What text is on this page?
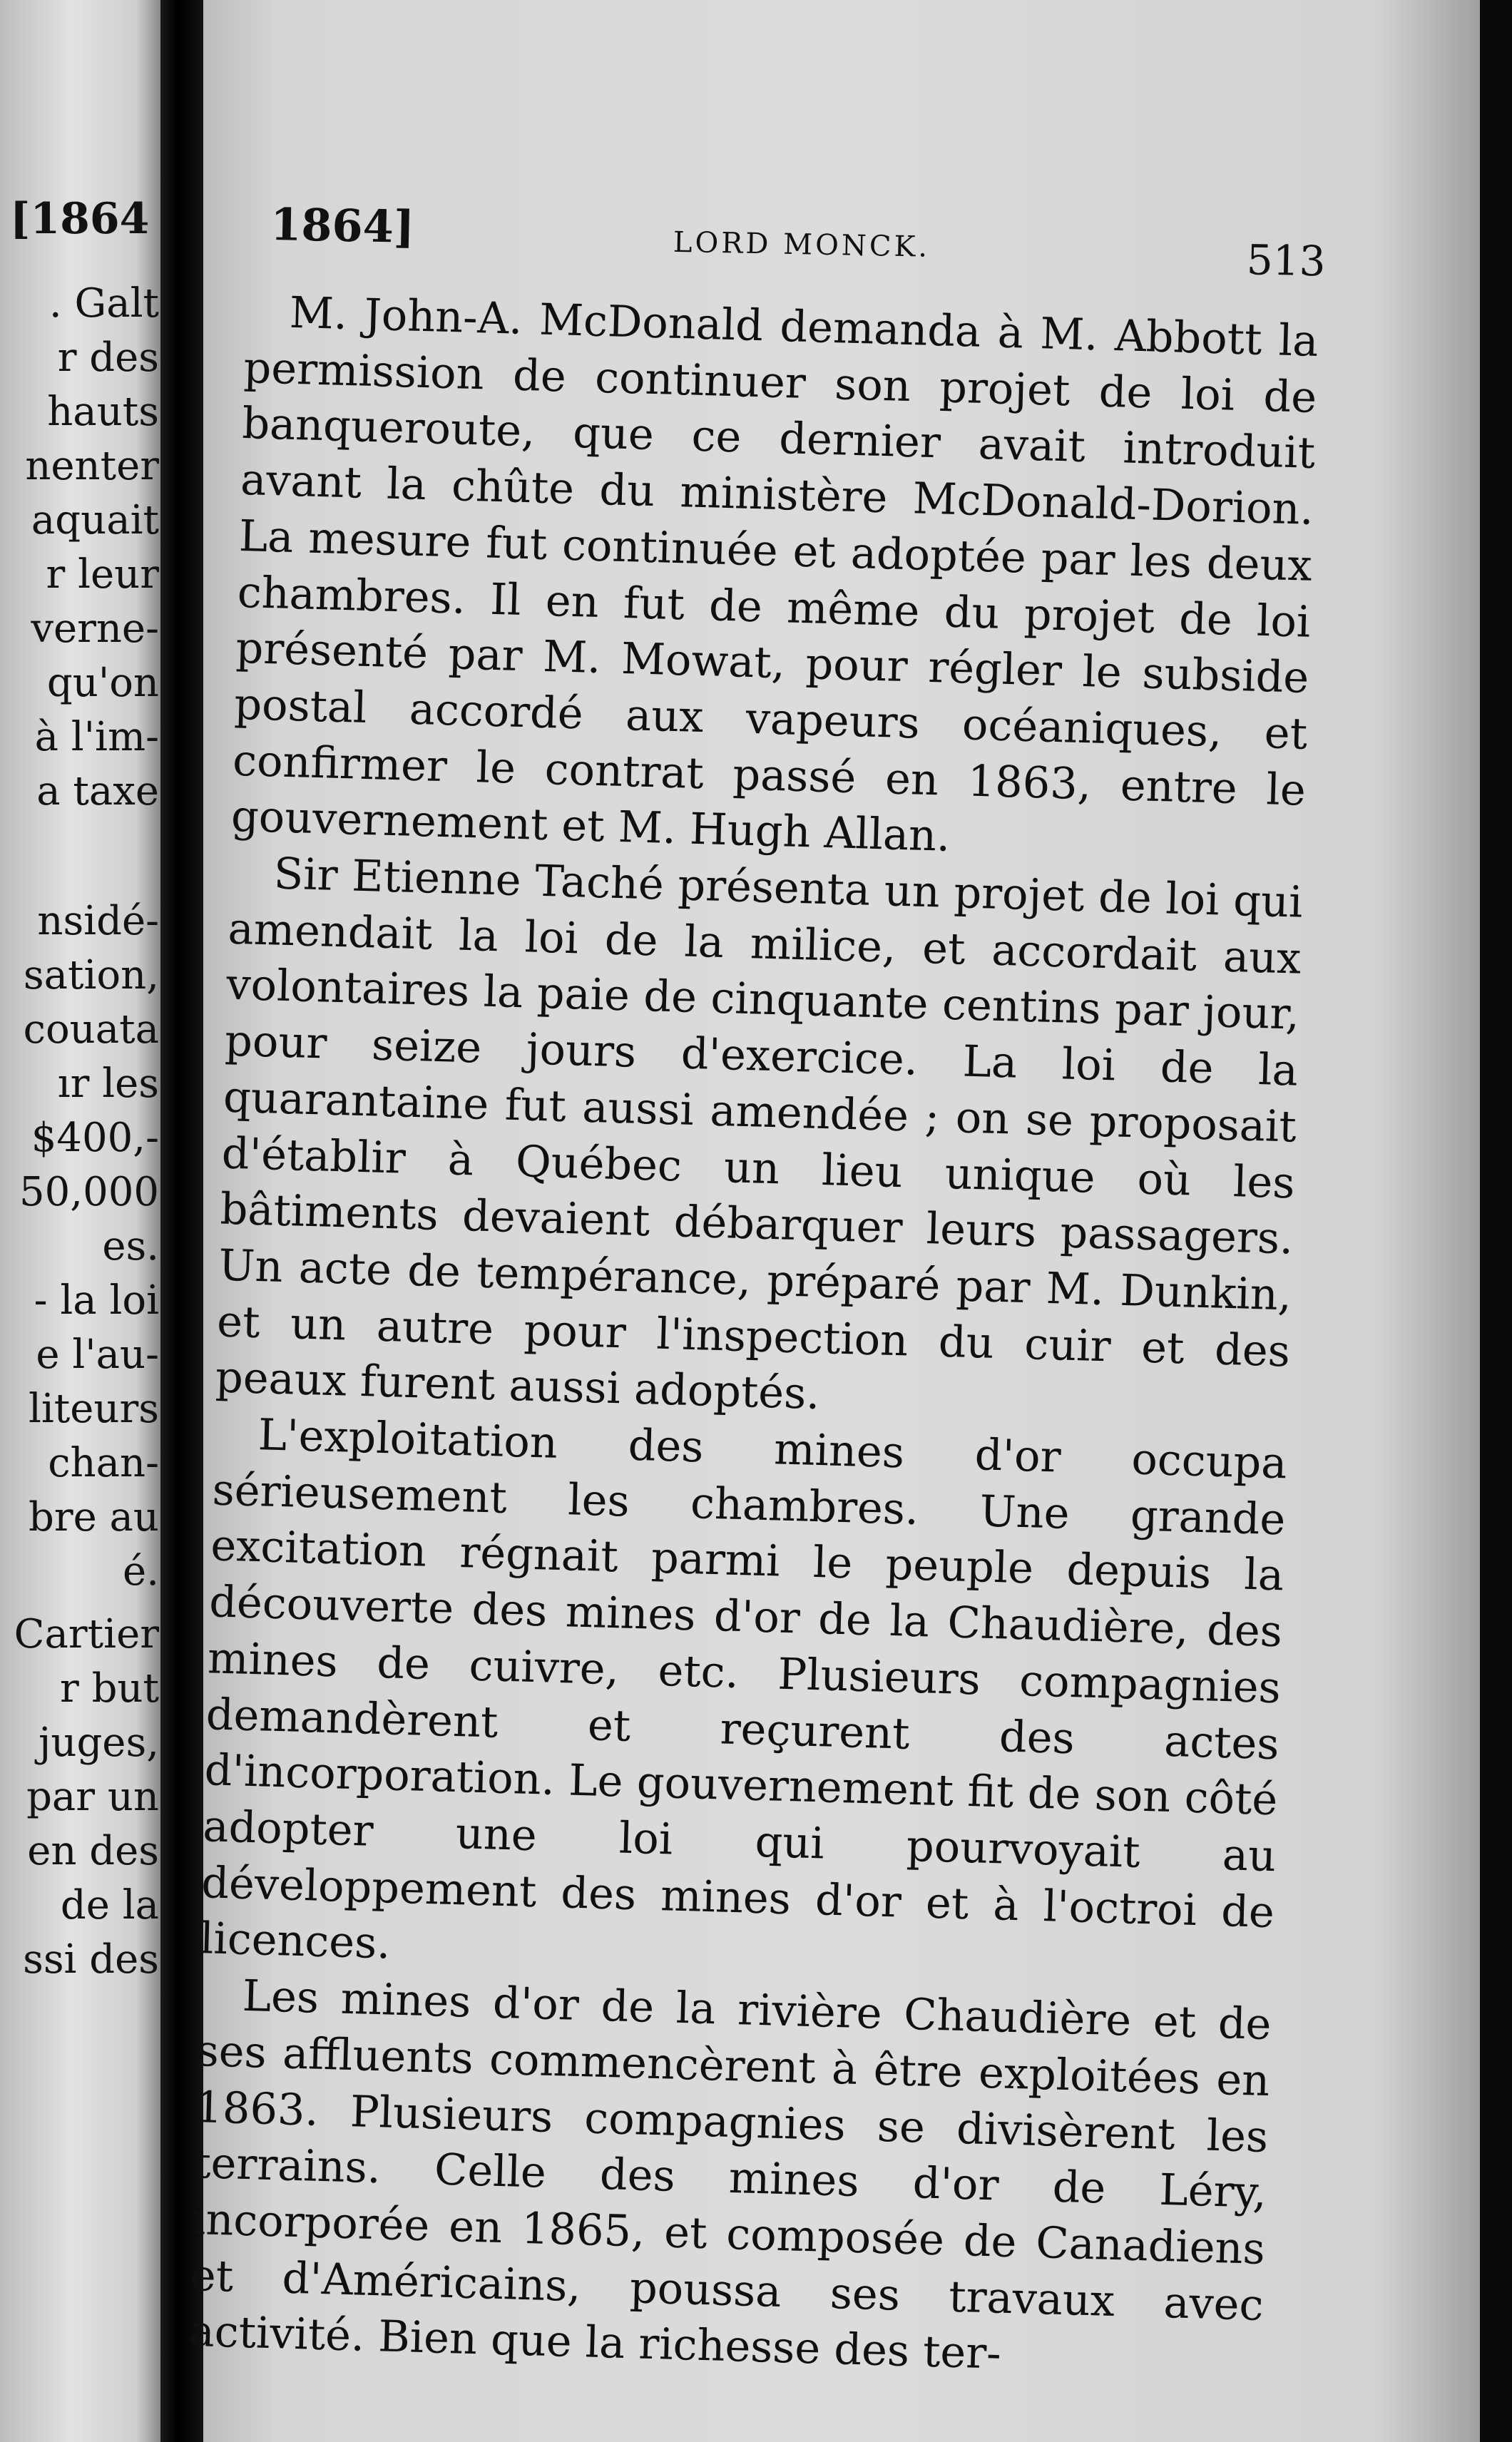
[1864
. Galt
r des
hauts
nenter
aquait
r leur
verne-
qu'on
à l'im-
a taxe
nsidé-
sation,
couata
ır les
$400,-
50,000
es.
- la loi
e l'au-
liteurs
chan-
bre au
é.
Cartier
r but
juges,
par un
en des
de la
ssi des
1864]	LORD MONCK.	513

M. John-A. McDonald demanda à M. Abbott la permission de continuer son projet de loi de banqueroute, que ce dernier avait introduit avant la chûte du ministère McDonald-Dorion. La mesure fut continuée et adoptée par les deux chambres. Il en fut de même du projet de loi présenté par M. Mowat, pour régler le subside postal accordé aux vapeurs océaniques, et confirmer le contrat passé en 1863, entre le gouvernement et M. Hugh Allan.

Sir Etienne Taché présenta un projet de loi qui amendait la loi de la milice, et accordait aux volontaires la paie de cinquante centins par jour, pour seize jours d'exercice. La loi de la quarantaine fut aussi amendée ; on se proposait d'établir à Québec un lieu unique où les bâtiments devaient débarquer leurs passagers. Un acte de tempérance, préparé par M. Dunkin, et un autre pour l'inspection du cuir et des peaux furent aussi adoptés.

L'exploitation des mines d'or occupa sérieusement les chambres. Une grande excitation régnait parmi le peuple depuis la découverte des mines d'or de la Chaudière, des mines de cuivre, etc. Plusieurs compagnies demandèrent et reçurent des actes d'incorporation. Le gouvernement fit de son côté adopter une loi qui pourvoyait au développement des mines d'or et à l'octroi de licences.

Les mines d'or de la rivière Chaudière et de ses affluents commencèrent à être exploitées en 1863. Plusieurs compagnies se divisèrent les terrains. Celle des mines d'or de Léry, incorporée en 1865, et composée de Canadiens et d'Américains, poussa ses travaux avec activité. Bien que la richesse des ter-
